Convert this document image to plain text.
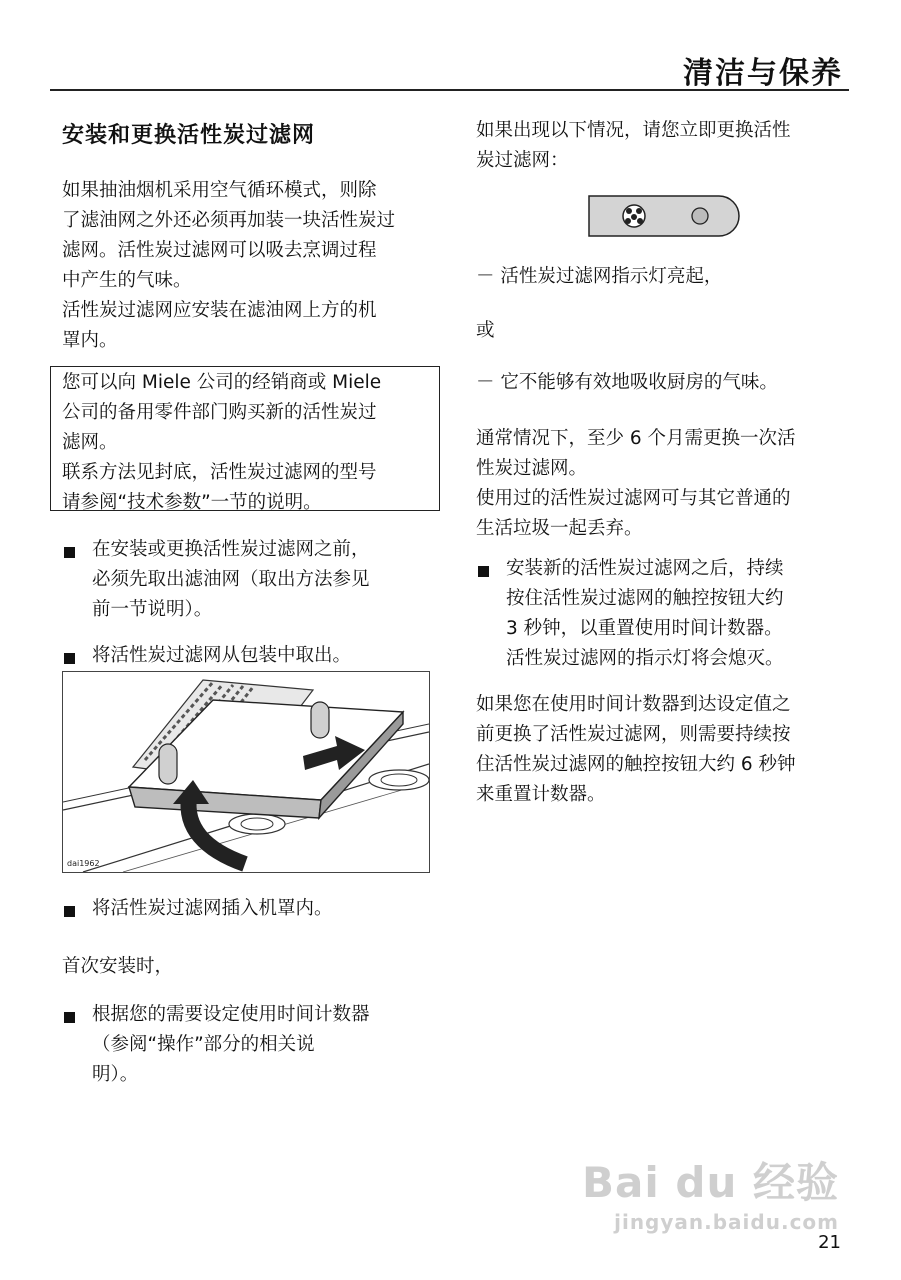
清洁与保养
安装和更换活性炭过滤网
如果抽油烟机采用空气循环模式，则除
了滤油网之外还必须再加装一块活性炭过
滤网。活性炭过滤网可以吸去烹调过程
中产生的气味。
活性炭过滤网应安装在滤油网上方的机
罩内。
您可以向 Miele 公司的经销商或 Miele
公司的备用零件部门购买新的活性炭过
滤网。
联系方法见封底，活性炭过滤网的型号
请参阅“技术参数”一节的说明。
在安装或更换活性炭过滤网之前，
必须先取出滤油网（取出方法参见
前一节说明）。
将活性炭过滤网从包装中取出。
dai1962
将活性炭过滤网插入机罩内。
首次安装时，
根据您的需要设定使用时间计数器
（参阅“操作”部分的相关说
明）。
如果出现以下情况，请您立即更换活性
炭过滤网：
－ 活性炭过滤网指示灯亮起，
或
－ 它不能够有效地吸收厨房的气味。
通常情况下，至少 6 个月需更换一次活
性炭过滤网。
使用过的活性炭过滤网可与其它普通的
生活垃圾一起丢弃。
安装新的活性炭过滤网之后，持续
按住活性炭过滤网的触控按钮大约
3 秒钟，以重置使用时间计数器。
活性炭过滤网的指示灯将会熄灭。
如果您在使用时间计数器到达设定值之
前更换了活性炭过滤网，则需要持续按
住活性炭过滤网的触控按钮大约 6 秒钟
来重置计数器。
Bai du 经验
jingyan.baidu.com
21
